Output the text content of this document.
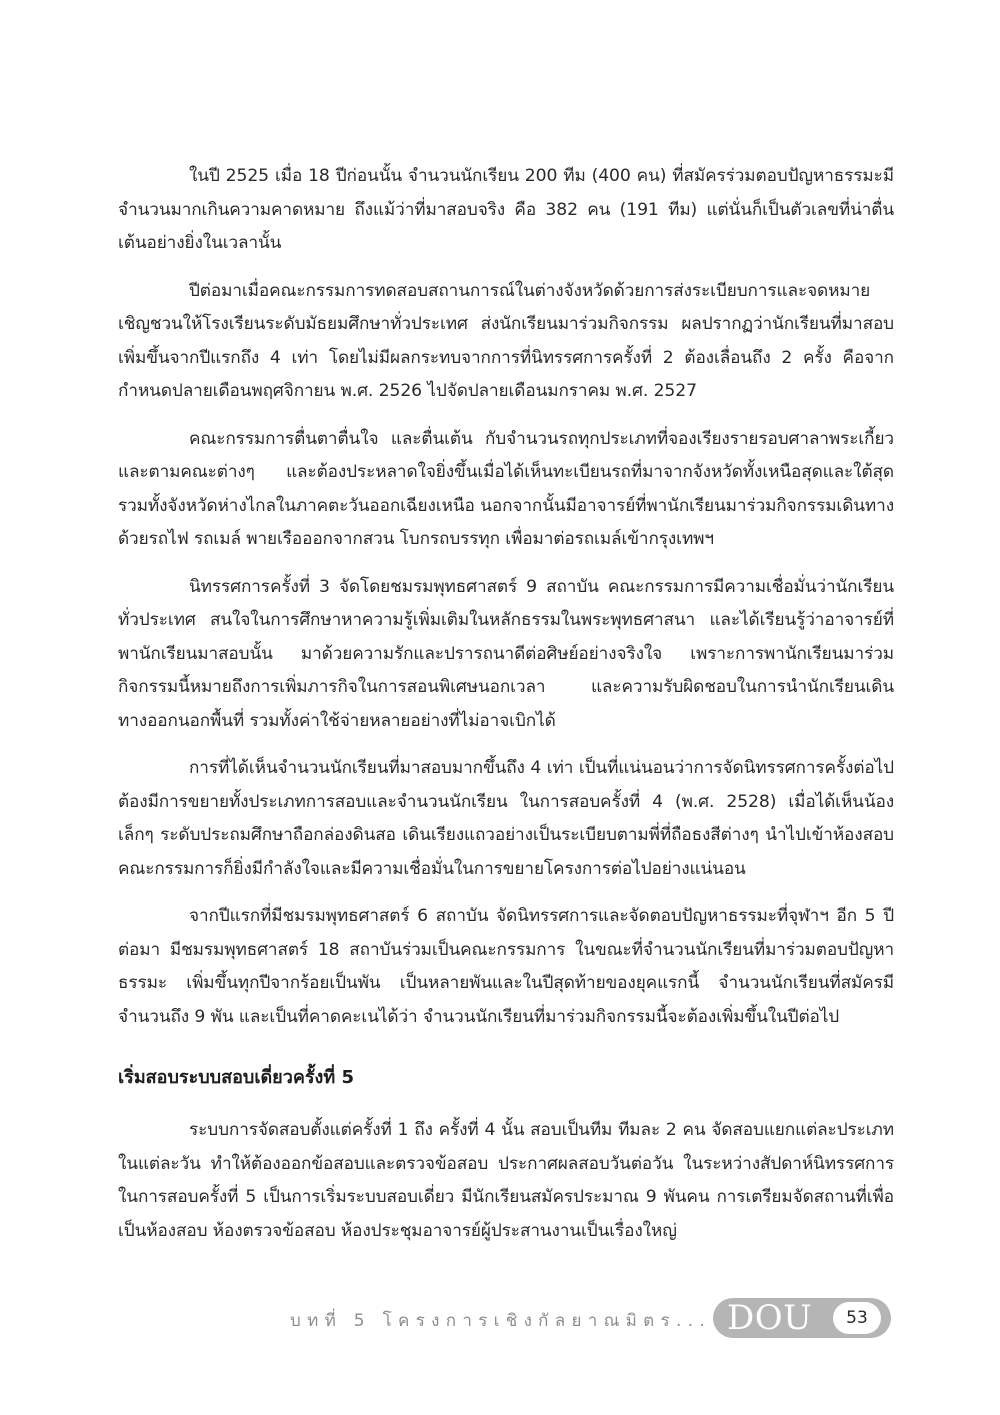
ในปี 2525 เมื่อ 18 ปีก่อนนั้น จำนวนนักเรียน 200 ทีม (400 คน) ที่สมัครร่วมตอบปัญหาธรรมะมีจำนวนมากเกินความคาดหมาย ถึงแม้ว่าที่มาสอบจริง คือ 382 คน (191 ทีม) แต่นั่นก็เป็นตัวเลขที่น่าตื่นเต้นอย่างยิ่งในเวลานั้น

ปีต่อมาเมื่อคณะกรรมการทดสอบสถานการณ์ในต่างจังหวัดด้วยการส่งระเบียบการและจดหมายเชิญชวนให้โรงเรียนระดับมัธยมศึกษาทั่วประเทศ ส่งนักเรียนมาร่วมกิจกรรม ผลปรากฏว่านักเรียนที่มาสอบเพิ่มขึ้นจากปีแรกถึง 4 เท่า โดยไม่มีผลกระทบจากการที่นิทรรศการครั้งที่ 2 ต้องเลื่อนถึง 2 ครั้ง คือจากกำหนดปลายเดือนพฤศจิกายน พ.ศ. 2526 ไปจัดปลายเดือนมกราคม พ.ศ. 2527

คณะกรรมการตื่นตาตื่นใจ และตื่นเต้น กับจำนวนรถทุกประเภทที่จองเรียงรายรอบศาลาพระเกี้ยวและตามคณะต่างๆ และต้องประหลาดใจยิ่งขึ้นเมื่อได้เห็นทะเบียนรถที่มาจากจังหวัดทั้งเหนือสุดและใต้สุด รวมทั้งจังหวัดห่างไกลในภาคตะวันออกเฉียงเหนือ นอกจากนั้นมีอาจารย์ที่พานักเรียนมาร่วมกิจกรรมเดินทางด้วยรถไฟ รถเมล์ พายเรือออกจากสวน โบกรถบรรทุก เพื่อมาต่อรถเมล์เข้ากรุงเทพฯ

นิทรรศการครั้งที่ 3 จัดโดยชมรมพุทธศาสตร์ 9 สถาบัน คณะกรรมการมีความเชื่อมั่นว่านักเรียนทั่วประเทศ สนใจในการศึกษาหาความรู้เพิ่มเติมในหลักธรรมในพระพุทธศาสนา และได้เรียนรู้ว่าอาจารย์ที่พานักเรียนมาสอบนั้น มาด้วยความรักและปรารถนาดีต่อศิษย์อย่างจริงใจ เพราะการพานักเรียนมาร่วมกิจกรรมนี้หมายถึงการเพิ่มภารกิจในการสอนพิเศษนอกเวลา และความรับผิดชอบในการนำนักเรียนเดินทางออกนอกพื้นที่ รวมทั้งค่าใช้จ่ายหลายอย่างที่ไม่อาจเบิกได้

การที่ได้เห็นจำนวนนักเรียนที่มาสอบมากขึ้นถึง 4 เท่า เป็นที่แน่นอนว่าการจัดนิทรรศการครั้งต่อไปต้องมีการขยายทั้งประเภทการสอบและจำนวนนักเรียน ในการสอบครั้งที่ 4 (พ.ศ. 2528) เมื่อได้เห็นน้องเล็กๆ ระดับประถมศึกษาถือกล่องดินสอ เดินเรียงแถวอย่างเป็นระเบียบตามพี่ที่ถือธงสีต่างๆ นำไปเข้าห้องสอบคณะกรรมการก็ยิ่งมีกำลังใจและมีความเชื่อมั่นในการขยายโครงการต่อไปอย่างแน่นอน

จากปีแรกที่มีชมรมพุทธศาสตร์ 6 สถาบัน จัดนิทรรศการและจัดตอบปัญหาธรรมะที่จุฬาฯ อีก 5 ปีต่อมา มีชมรมพุทธศาสตร์ 18 สถาบันร่วมเป็นคณะกรรมการ ในขณะที่จำนวนนักเรียนที่มาร่วมตอบปัญหาธรรมะ เพิ่มขึ้นทุกปีจากร้อยเป็นพัน เป็นหลายพันและในปีสุดท้ายของยุคแรกนี้ จำนวนนักเรียนที่สมัครมีจำนวนถึง 9 พัน และเป็นที่คาดคะเนได้ว่า จำนวนนักเรียนที่มาร่วมกิจกรรมนี้จะต้องเพิ่มขึ้นในปีต่อไป

เริ่มสอบระบบสอบเดี่ยวครั้งที่ 5

ระบบการจัดสอบตั้งแต่ครั้งที่ 1 ถึง ครั้งที่ 4 นั้น สอบเป็นทีม ทีมละ 2 คน จัดสอบแยกแต่ละประเภทในแต่ละวัน ทำให้ต้องออกข้อสอบและตรวจข้อสอบ ประกาศผลสอบวันต่อวัน ในระหว่างสัปดาห์นิทรรศการ ในการสอบครั้งที่ 5 เป็นการเริ่มระบบสอบเดี่ยว มีนักเรียนสมัครประมาณ 9 พันคน การเตรียมจัดสถานที่เพื่อเป็นห้องสอบ ห้องตรวจข้อสอบ ห้องประชุมอาจารย์ผู้ประสานงานเป็นเรื่องใหญ่

บทที่ 5 โครงการเชิงกัลยาณมิตร... DOU	53
